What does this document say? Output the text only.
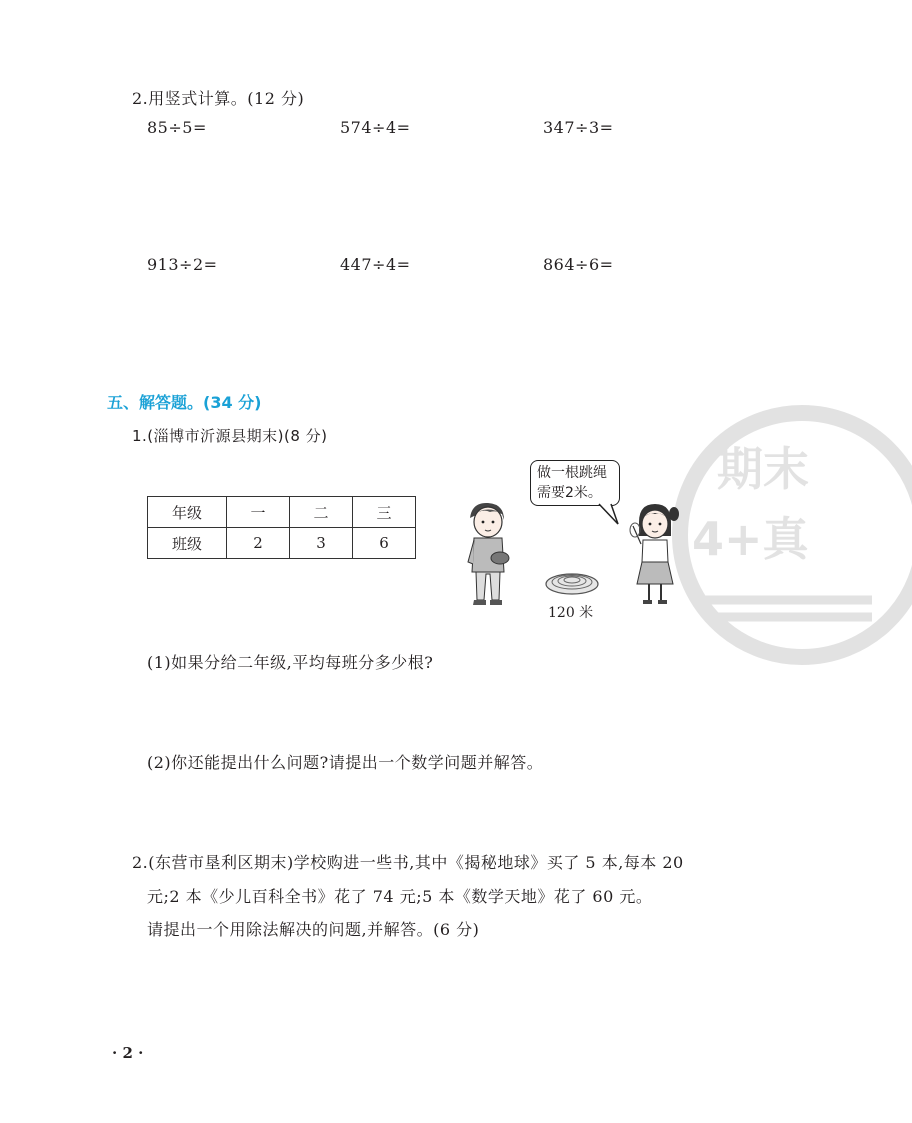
2.用竖式计算。(12 分)
85÷5=	574÷4=	347÷3=
913÷2=	447÷4=	864÷6=
期末
4+真
五、解答题。(34 分)
1.(淄博市沂源县期末)(8 分)
年级	一	二	三
班级	2	3	6
120 米
做一根跳绳需要2米。
(1)如果分给二年级,平均每班分多少根?
(2)你还能提出什么问题?请提出一个数学问题并解答。
2.(东营市垦利区期末)学校购进一些书,其中《揭秘地球》买了 5 本,每本 20
元;2 本《少儿百科全书》花了 74 元;5 本《数学天地》花了 60 元。
请提出一个用除法解决的问题,并解答。(6 分)
· 2 ·
